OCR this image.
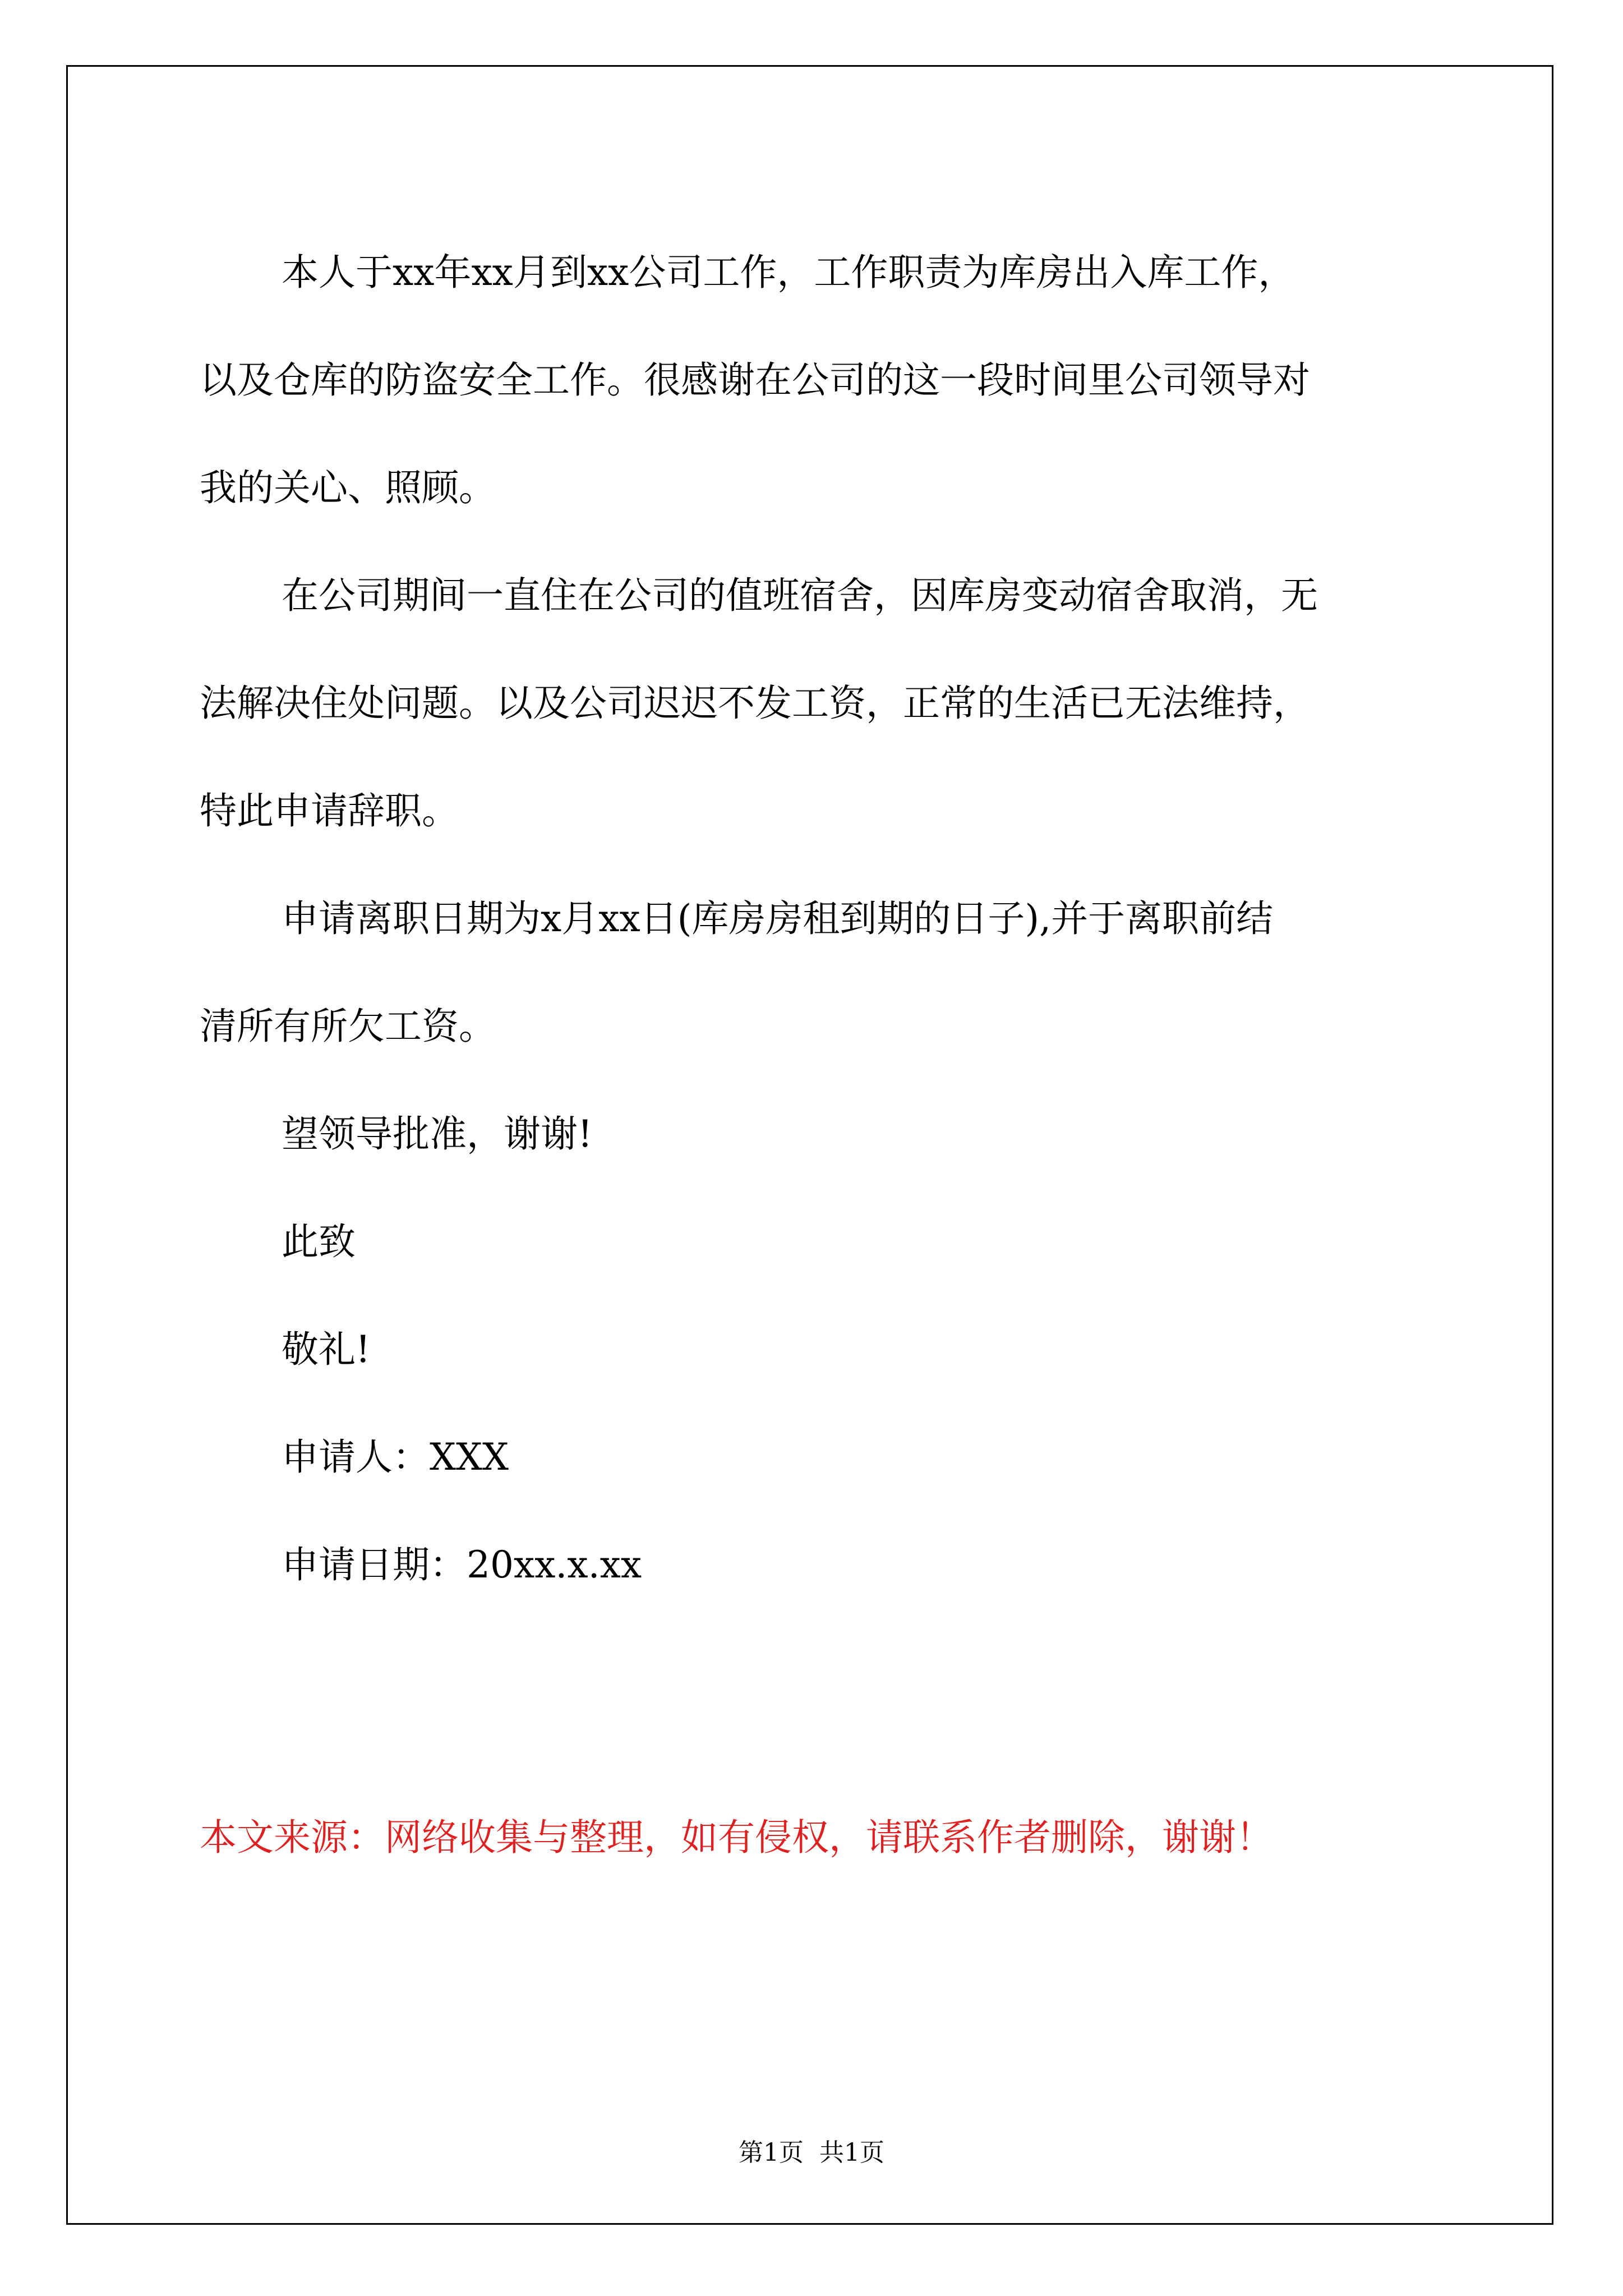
本人于xx年xx月到xx公司工作，工作职责为库房出入库工作，

以及仓库的防盗安全工作。很感谢在公司的这一段时间里公司领导对

我的关心、照顾。

在公司期间一直住在公司的值班宿舍，因库房变动宿舍取消，无

法解决住处问题。以及公司迟迟不发工资，正常的生活已无法维持，

特此申请辞职。

申请离职日期为x月xx日(库房房租到期的日子),并于离职前结

清所有所欠工资。

望领导批准，谢谢!

此致

敬礼!

申请人：XXX

申请日期：20xx.x.xx

本文来源：网络收集与整理，如有侵权，请联系作者删除，谢谢！

第1页  共1页
